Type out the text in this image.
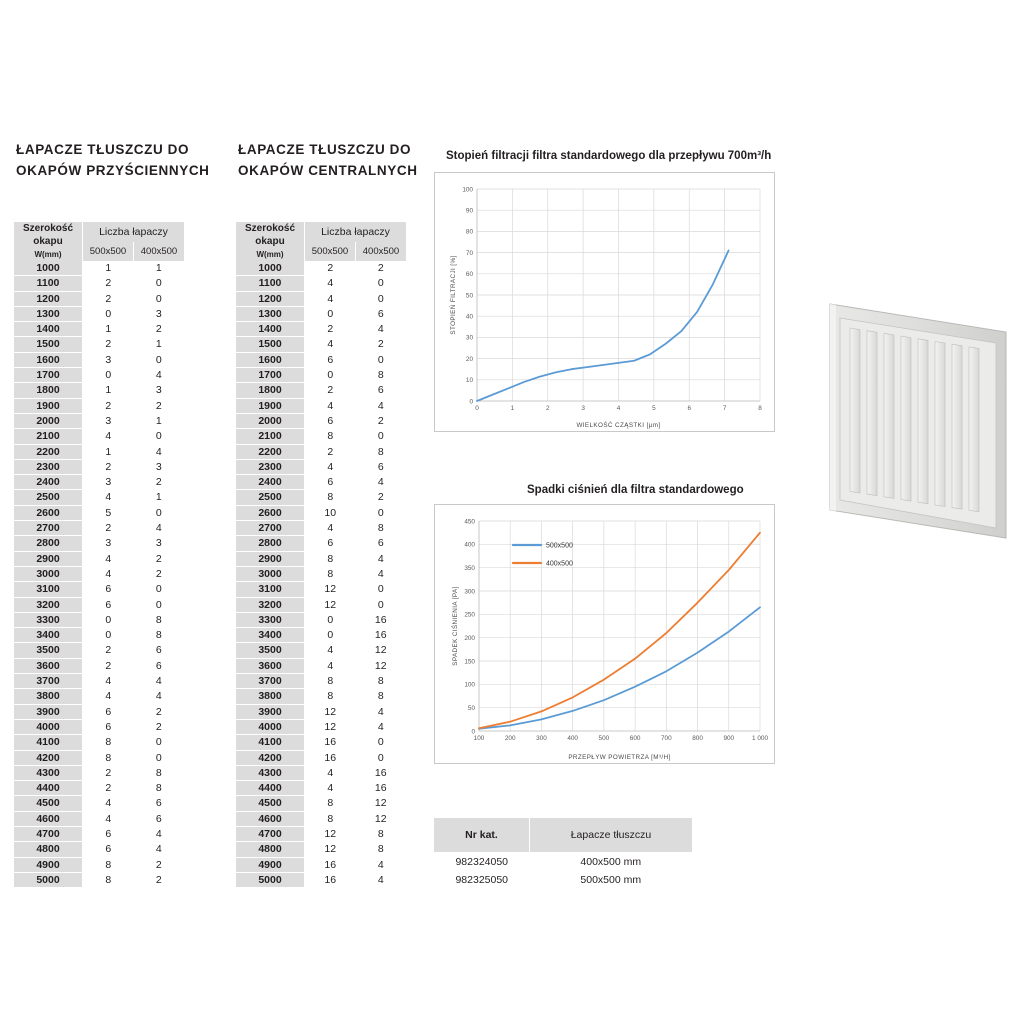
ŁAPACZE TŁUSZCZU DO OKAPÓW PRZYŚCIENNYCH
ŁAPACZE TŁUSZCZU DO OKAPÓW CENTRALNYCH
Szerokość okapu
W(mm)	Liczba łapaczy	
	500x500	400x500
1000	1	1
1100	2	0
1200	2	0
1300	0	3
1400	1	2
1500	2	1
1600	3	0
1700	0	4
1800	1	3
1900	2	2
2000	3	1
2100	4	0
2200	1	4
2300	2	3
2400	3	2
2500	4	1
2600	5	0
2700	2	4
2800	3	3
2900	4	2
3000	4	2
3100	6	0
3200	6	0
3300	0	8
3400	0	8
3500	2	6
3600	2	6
3700	4	4
3800	4	4
3900	6	2
4000	6	2
4100	8	0
4200	8	0
4300	2	8
4400	2	8
4500	4	6
4600	4	6
4700	6	4
4800	6	4
4900	8	2
5000	8	2
Szerokość okapu
W(mm)	Liczba łapaczy	
	500x500	400x500
1000	2	2
1100	4	0
1200	4	0
1300	0	6
1400	2	4
1500	4	2
1600	6	0
1700	0	8
1800	2	6
1900	4	4
2000	6	2
2100	8	0
2200	2	8
2300	4	6
2400	6	4
2500	8	2
2600	10	0
2700	4	8
2800	6	6
2900	8	4
3000	8	4
3100	12	0
3200	12	0
3300	0	16
3400	0	16
3500	4	12
3600	4	12
3700	8	8
3800	8	8
3900	12	4
4000	12	4
4100	16	0
4200	16	0
4300	4	16
4400	4	16
4500	8	12
4600	8	12
4700	12	8
4800	12	8
4900	16	4
5000	16	4
Stopień filtracji filtra standardowego dla przepływu 700m³/h
0
10
20
30
40
50
60
70
80
90
100
0	1	2	3	4	5	6	7	8
WIELKOŚĆ CZĄSTKI [µm]
STOPIEŃ FILTRACJI [%]
Spadki ciśnień dla filtra standardowego
0
50
100
150
200
250
300
350
400
450
100	200	300	400	500	600	700	800	900	1 000
PRZEPŁYW POWIETRZA [M³/H]
SPADEK CIŚNIENIA [PA]
500x500
400x500
Nr kat.	Łapacze tłuszczu
982324050	400x500 mm
982325050	500x500 mm
